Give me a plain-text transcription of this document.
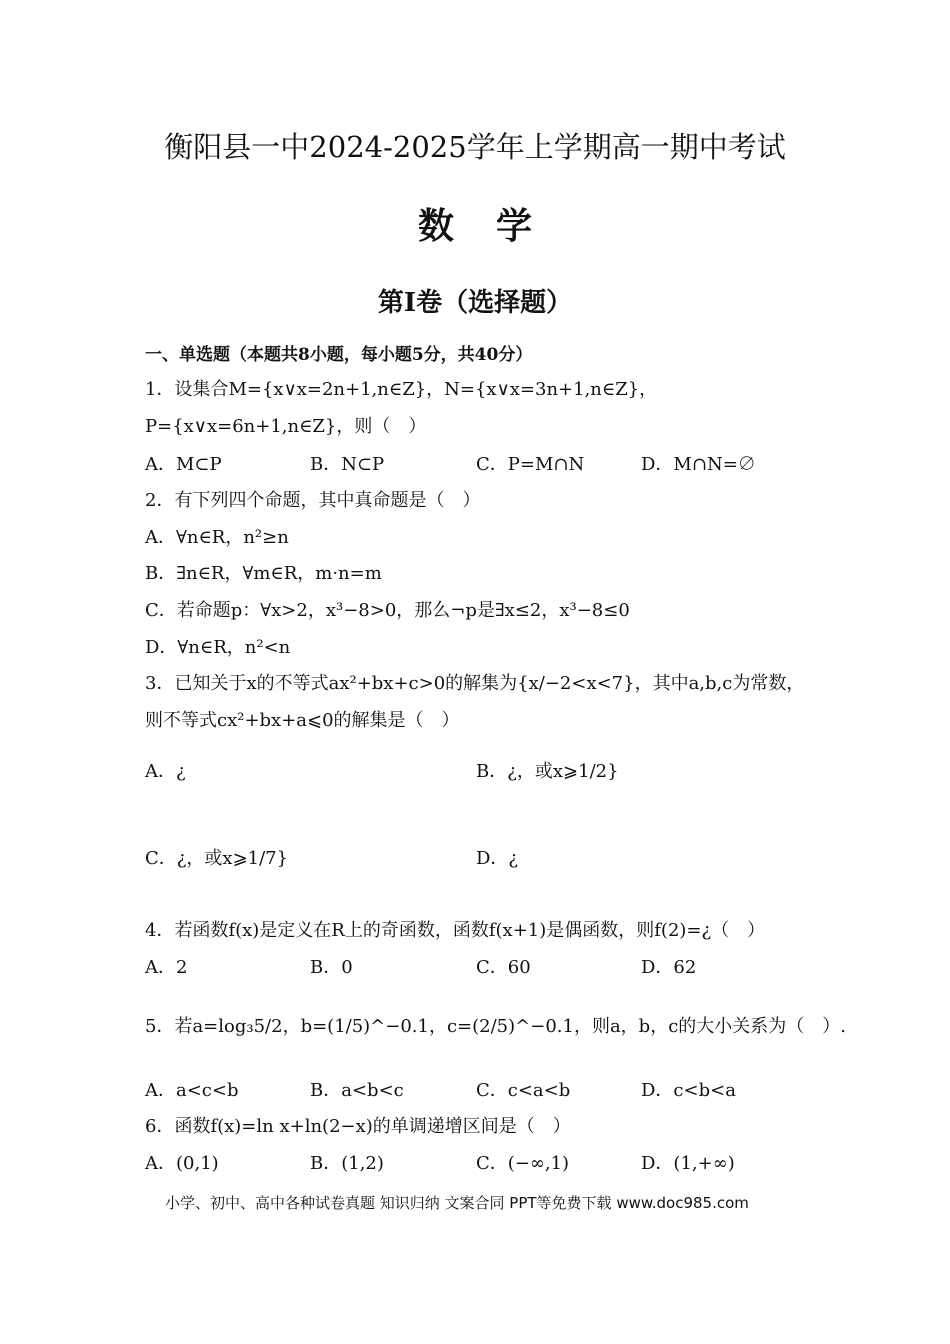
衡阳县一中2024-2025学年上学期高一期中考试
数学
第Ⅰ卷（选择题）
一、单选题（本题共8小题，每小题5分，共40分）
1．设集合M={x∨x=2n+1,n∈Z}，N={x∨x=3n+1,n∈Z}，
P={x∨x=6n+1,n∈Z}，则（　）
A．M⊂P	B．N⊂P	C．P=M∩N	D．M∩N=∅
2．有下列四个命题，其中真命题是（　）
A．∀n∈R，n²≥n
B．∃n∈R，∀m∈R，m·n=m
C．若命题p：∀x>2，x³−8>0，那么¬p是∃x≤2，x³−8≤0
D．∀n∈R，n²<n
3．已知关于x的不等式ax²+bx+c>0的解集为{x/−2<x<7}，其中a,b,c为常数，
则不等式cx²+bx+a⩽0的解集是（　）
A．¿	B．¿，或x⩾1/2}
C．¿，或x⩾1/7}	D．¿
4．若函数f(x)是定义在R上的奇函数，函数f(x+1)是偶函数，则f(2)=¿（　）
A．2	B．0	C．60	D．62
5．若a=log₃5/2，b=(1/5)^−0.1，c=(2/5)^−0.1，则a，b，c的大小关系为（　）.
A．a<c<b	B．a<b<c	C．c<a<b	D．c<b<a
6．函数f(x)=ln x+ln(2−x)的单调递增区间是（　）
A．(0,1)	B．(1,2)	C．(−∞,1)	D．(1,+∞)
小学、初中、高中各种试卷真题 知识归纳 文案合同 PPT等免费下载 www.doc985.com
